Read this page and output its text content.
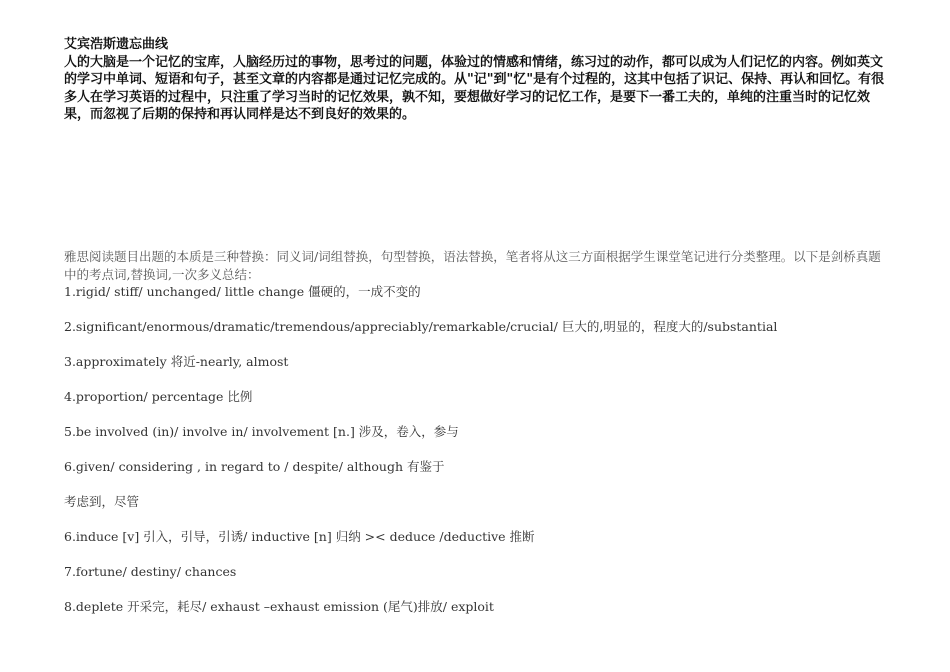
艾宾浩斯遗忘曲线

人的大脑是一个记忆的宝库，人脑经历过的事物，思考过的问题，体验过的情感和情绪，练习过的动作，都可以成为人们记忆的内容。例如英文的学习中单词、短语和句子，甚至文章的内容都是通过记忆完成的。从"记"到"忆"是有个过程的，这其中包括了识记、保持、再认和回忆。有很多人在学习英语的过程中，只注重了学习当时的记忆效果，孰不知，要想做好学习的记忆工作，是要下一番工夫的，单纯的注重当时的记忆效果，而忽视了后期的保持和再认同样是达不到良好的效果的。

雅思阅读题目出题的本质是三种替换：同义词/词组替换，句型替换，语法替换，笔者将从这三方面根据学生课堂笔记进行分类整理。以下是剑桥真题中的考点词,替换词,一次多义总结：

1.rigid/ stiff/ unchanged/ little change 僵硬的，一成不变的

2.significant/enormous/dramatic/tremendous/appreciably/remarkable/crucial/ 巨大的,明显的，程度大的/substantial

3.approximately 将近-nearly, almost

4.proportion/ percentage 比例

5.be involved (in)/ involve in/ involvement [n.] 涉及，卷入，参与

6.given/ considering , in regard to / despite/ although 有鉴于

考虑到，尽管

6.induce [v] 引入，引导，引诱/ inductive [n] 归纳 >< deduce /deductive 推断

7.fortune/ destiny/ chances

8.deplete 开采完，耗尽/ exhaust –exhaust emission (尾气)排放/ exploit
